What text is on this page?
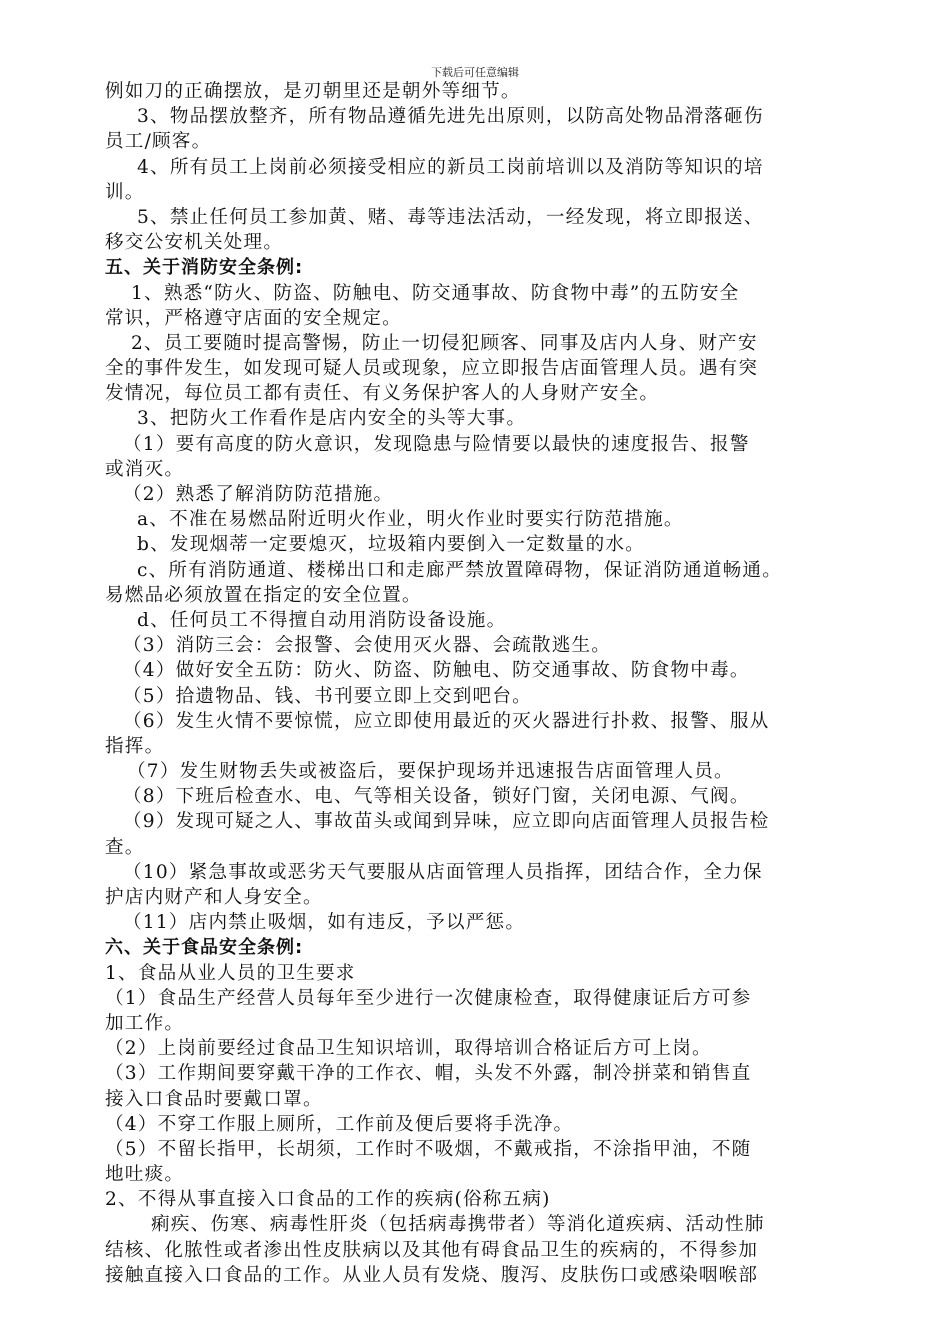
下载后可任意编辑
例如刀的正确摆放，是刃朝里还是朝外等细节。
3、物品摆放整齐，所有物品遵循先进先出原则，以防高处物品滑落砸伤
员工/顾客。
4、所有员工上岗前必须接受相应的新员工岗前培训以及消防等知识的培
训。
5、禁止任何员工参加黄、赌、毒等违法活动，一经发现，将立即报送、
移交公安机关处理。
五、关于消防安全条例:
1、熟悉“防火、防盗、防触电、防交通事故、防食物中毒”的五防安全
常识，严格遵守店面的安全规定。
2、员工要随时提高警惕，防止一切侵犯顾客、同事及店内人身、财产安
全的事件发生，如发现可疑人员或现象，应立即报告店面管理人员。遇有突
发情况，每位员工都有责任、有义务保护客人的人身财产安全。
3、把防火工作看作是店内安全的头等大事。
（1）要有高度的防火意识，发现隐患与险情要以最快的速度报告、报警
或消灭。
（2）熟悉了解消防防范措施。
a、不准在易燃品附近明火作业，明火作业时要实行防范措施。
b、发现烟蒂一定要熄灭，垃圾箱内要倒入一定数量的水。
c、所有消防通道、楼梯出口和走廊严禁放置障碍物，保证消防通道畅通。
易燃品必须放置在指定的安全位置。
d、任何员工不得擅自动用消防设备设施。
（3）消防三会：会报警、会使用灭火器、会疏散逃生。
（4）做好安全五防：防火、防盗、防触电、防交通事故、防食物中毒。
（5）拾遗物品、钱、书刊要立即上交到吧台。
（6）发生火情不要惊慌，应立即使用最近的灭火器进行扑救、报警、服从
指挥。
（7）发生财物丢失或被盗后，要保护现场并迅速报告店面管理人员。
（8）下班后检查水、电、气等相关设备，锁好门窗，关闭电源、气阀。
（9）发现可疑之人、事故苗头或闻到异味，应立即向店面管理人员报告检
查。
（10）紧急事故或恶劣天气要服从店面管理人员指挥，团结合作，全力保
护店内财产和人身安全。
（11）店内禁止吸烟，如有违反，予以严惩。
六、关于食品安全条例:
1、食品从业人员的卫生要求
（1）食品生产经营人员每年至少进行一次健康检查，取得健康证后方可参
加工作。
（2）上岗前要经过食品卫生知识培训，取得培训合格证后方可上岗。
（3）工作期间要穿戴干净的工作衣、帽，头发不外露，制冷拼菜和销售直
接入口食品时要戴口罩。
（4）不穿工作服上厕所，工作前及便后要将手洗净。
（5）不留长指甲，长胡须，工作时不吸烟，不戴戒指，不涂指甲油，不随
地吐痰。
2、不得从事直接入口食品的工作的疾病(俗称五病)
痢疾、伤寒、病毒性肝炎（包括病毒携带者）等消化道疾病、活动性肺
结核、化脓性或者渗出性皮肤病以及其他有碍食品卫生的疾病的，不得参加
接触直接入口食品的工作。从业人员有发烧、腹泻、皮肤伤口或感染咽喉部
